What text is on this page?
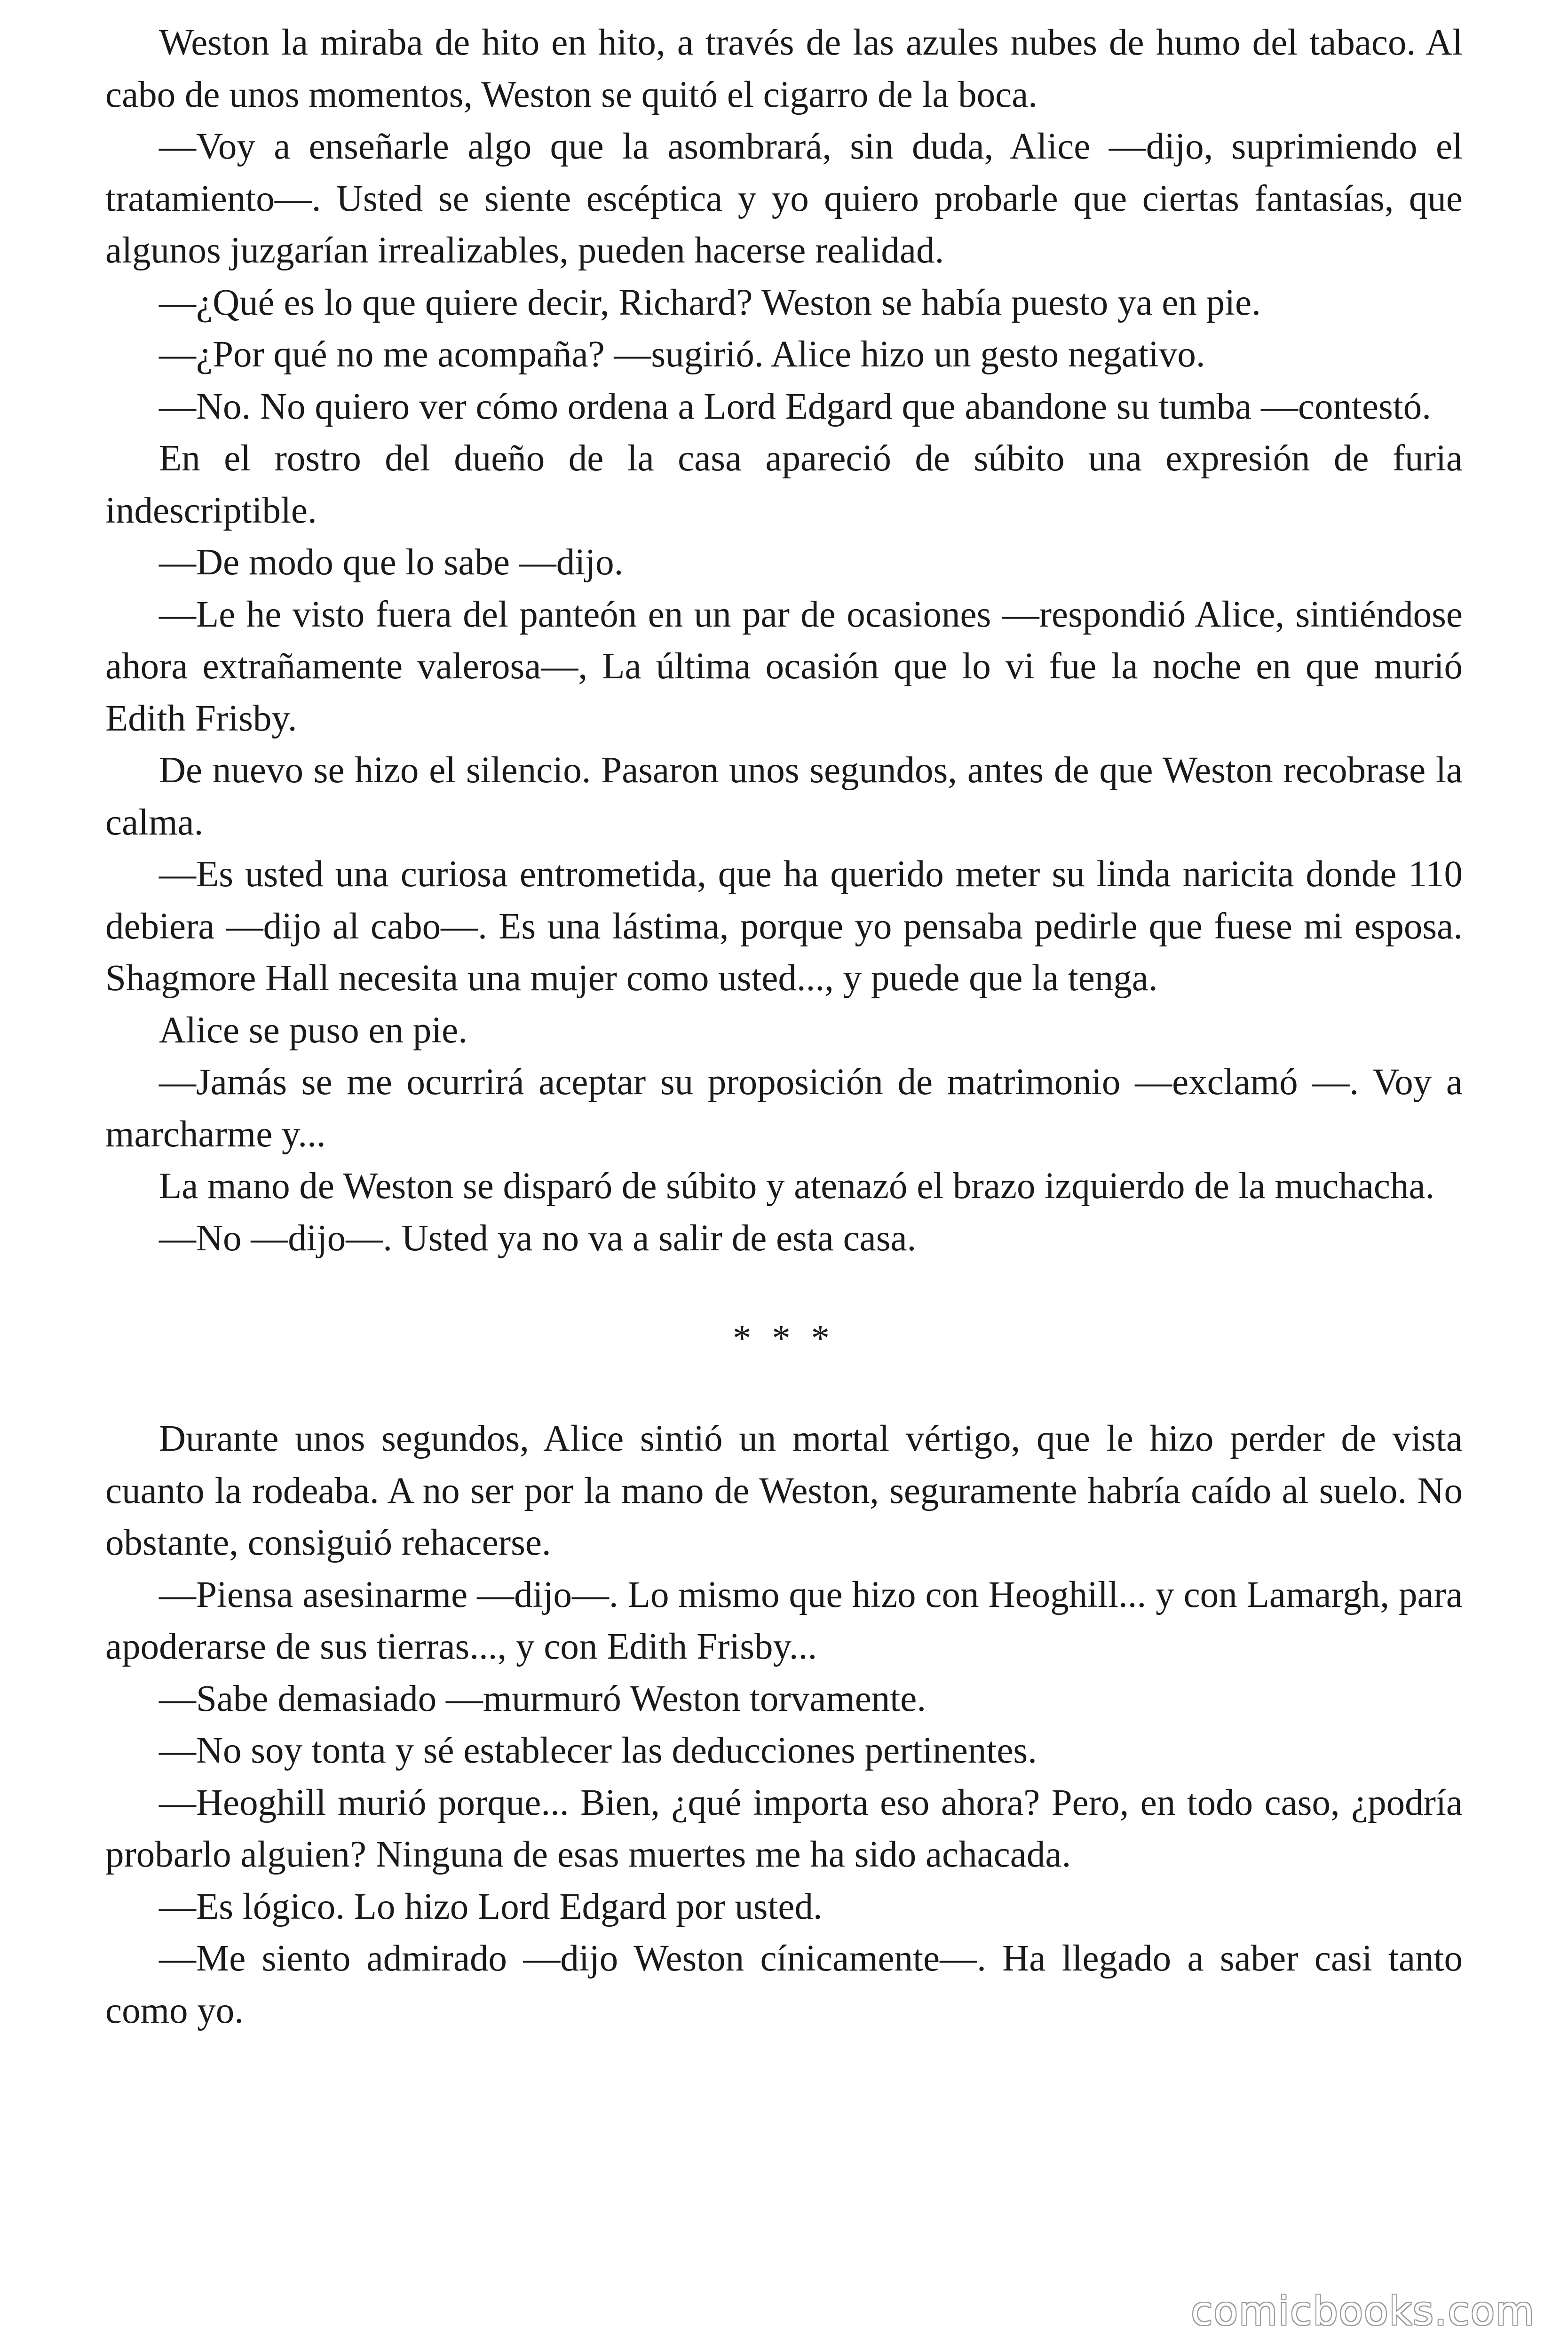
Weston la miraba de hito en hito, a través de las azules nubes de humo del tabaco. Al cabo de unos momentos, Weston se quitó el cigarro de la boca.

—Voy a enseñarle algo que la asombrará, sin duda, Alice —dijo, suprimiendo el tratamiento—. Usted se siente escéptica y yo quiero probarle que ciertas fantasías, que algunos juzgarían irrealizables, pueden hacerse realidad.

—¿Qué es lo que quiere decir, Richard? Weston se había puesto ya en pie.

—¿Por qué no me acompaña? —sugirió. Alice hizo un gesto negativo.

—No. No quiero ver cómo ordena a Lord Edgard que abandone su tumba —contestó.

En el rostro del dueño de la casa apareció de súbito una expresión de furia indescriptible.

—De modo que lo sabe —dijo.

—Le he visto fuera del panteón en un par de ocasiones —respondió Alice, sintiéndose ahora extrañamente valerosa—, La última ocasión que lo vi fue la noche en que murió Edith Frisby.

De nuevo se hizo el silencio. Pasaron unos segundos, antes de que Weston recobrase la calma.

—Es usted una curiosa entrometida, que ha querido meter su linda naricita donde 110 debiera —dijo al cabo—. Es una lástima, porque yo pensaba pedirle que fuese mi esposa. Shagmore Hall necesita una mujer como usted..., y puede que la tenga.

Alice se puso en pie.

—Jamás se me ocurrirá aceptar su proposición de matrimonio —exclamó —. Voy a marcharme y...

La mano de Weston se disparó de súbito y atenazó el brazo izquierdo de la muchacha.

—No —dijo—. Usted ya no va a salir de esta casa.

* * *

Durante unos segundos, Alice sintió un mortal vértigo, que le hizo perder de vista cuanto la rodeaba. A no ser por la mano de Weston, seguramente habría caído al suelo. No obstante, consiguió rehacerse.

—Piensa asesinarme —dijo—. Lo mismo que hizo con Heoghill... y con Lamargh, para apoderarse de sus tierras..., y con Edith Frisby...

—Sabe demasiado —murmuró Weston torvamente.

—No soy tonta y sé establecer las deducciones pertinentes.

—Heoghill murió porque... Bien, ¿qué importa eso ahora? Pero, en todo caso, ¿podría probarlo alguien? Ninguna de esas muertes me ha sido achacada.

—Es lógico. Lo hizo Lord Edgard por usted.

—Me siento admirado —dijo Weston cínicamente—. Ha llegado a saber casi tanto como yo.

comicbooks.com
